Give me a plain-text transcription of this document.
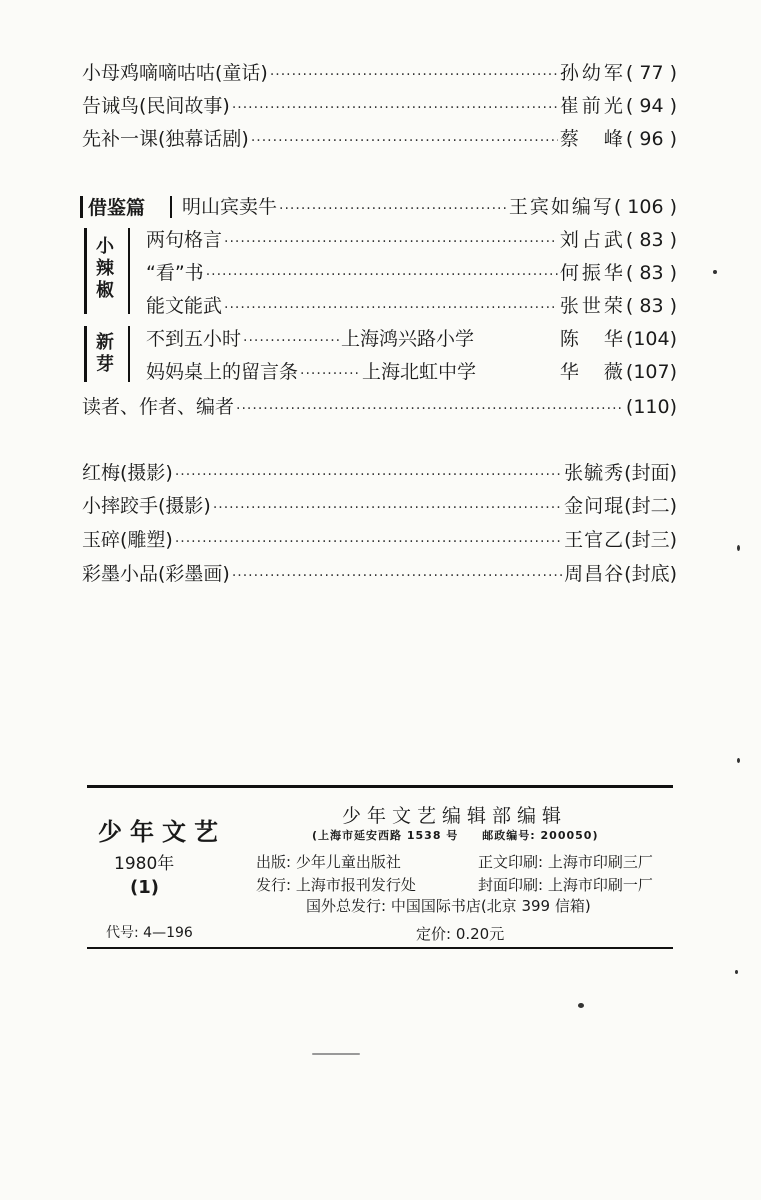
小母鸡嘀嘀咕咕(童话) ·····	孙幼军 ( 77 )
告诫鸟(民间故事) ·····	崔前光 ( 94 )
先补一课(独幕话剧) ·····	蔡　峰 ( 96 )
借鉴篇 明山宾卖牛 ·····	王宾如编写 ( 106 )
小
辣
椒
两句格言 ·····	刘占武 ( 83 )
“看”书 ·····	何振华 ( 83 )
能文能武 ·····	张世荣 ( 83 )
新
芽
不到五小时 ·····	上海鸿兴路小学	陈　华 (104)
妈妈桌上的留言条 ·····	上海北虹中学	华　薇 (107)
读者、作者、编者 ·····	(110)
红梅(摄影) ·····	张毓秀 (封面)
小摔跤手(摄影) ·····	金问琨 (封二)
玉碎(雕塑) ·····	王官乙 (封三)
彩墨小品(彩墨画) ·····	周昌谷 (封底)
少年文艺
1980年
(1)
代号: 4—196
少年文艺编辑部编辑
(上海市延安西路 1538 号　　邮政编号: 200050)
出版: 少年儿童出版社
发行: 上海市报刊发行处
正文印刷: 上海市印刷三厂
封面印刷: 上海市印刷一厂
国外总发行: 中国国际书店(北京 399 信箱)
定价: 0.20元
